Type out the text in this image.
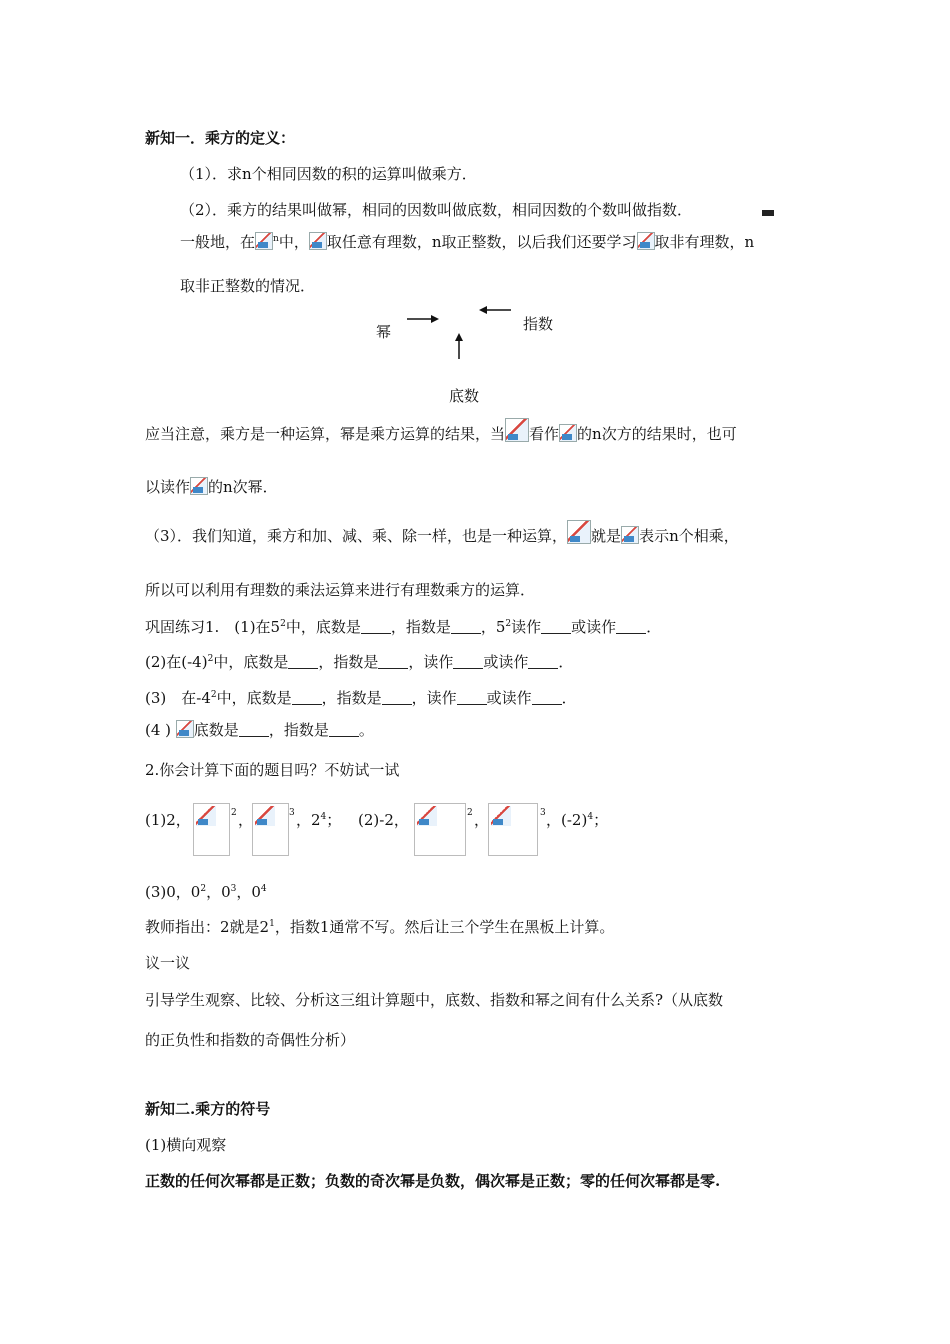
新知一．乘方的定义：
（1）．求n个相同因数的积的运算叫做乘方．
（2）．乘方的结果叫做幂，相同的因数叫做底数，相同因数的个数叫做指数．
一般地，在 $^n$中， 取任意有理数，n取正整数，以后我们还要学习 取非有理数，n
取非正整数的情况．
幂	指数
底数
应当注意，乘方是一种运算，幂是乘方运算的结果，当 看作 的n次方的结果时，也可
以读作 的n次幂．
（3）．我们知道，乘方和加、减、乘、除一样，也是一种运算， 就是 表示n个相乘，
所以可以利用有理数的乘法运算来进行有理数乘方的运算．
巩固练习1.　(1)在$5^2$中，底数是 ，指数是 ，$5^2$读作 或读作 ．
(2)在$(-4)^2$中，底数是 ，指数是 ，读作 或读作 ．
(3)　在$-4^2$中，底数是 ，指数是 ，读作 或读作 ．
(4 ) 底数是 ，指数是 。
2.你会计算下面的题目吗？不妨试一试
(1)2，	2 ，	3 ，$2^4$； (2)-2，	2 ，	3 ，$(-2)^4$；
(3)0，$0^2$，$0^3$，$0^4$
教师指出：2就是$2^1$，指数1通常不写。然后让三个学生在黑板上计算。
议一议
引导学生观察、比较、分析这三组计算题中，底数、指数和幂之间有什么关系?（从底数
的正负性和指数的奇偶性分析）
新知二.乘方的符号
(1)横向观察
正数的任何次幂都是正数；负数的奇次幂是负数，偶次幂是正数；零的任何次幂都是零.
